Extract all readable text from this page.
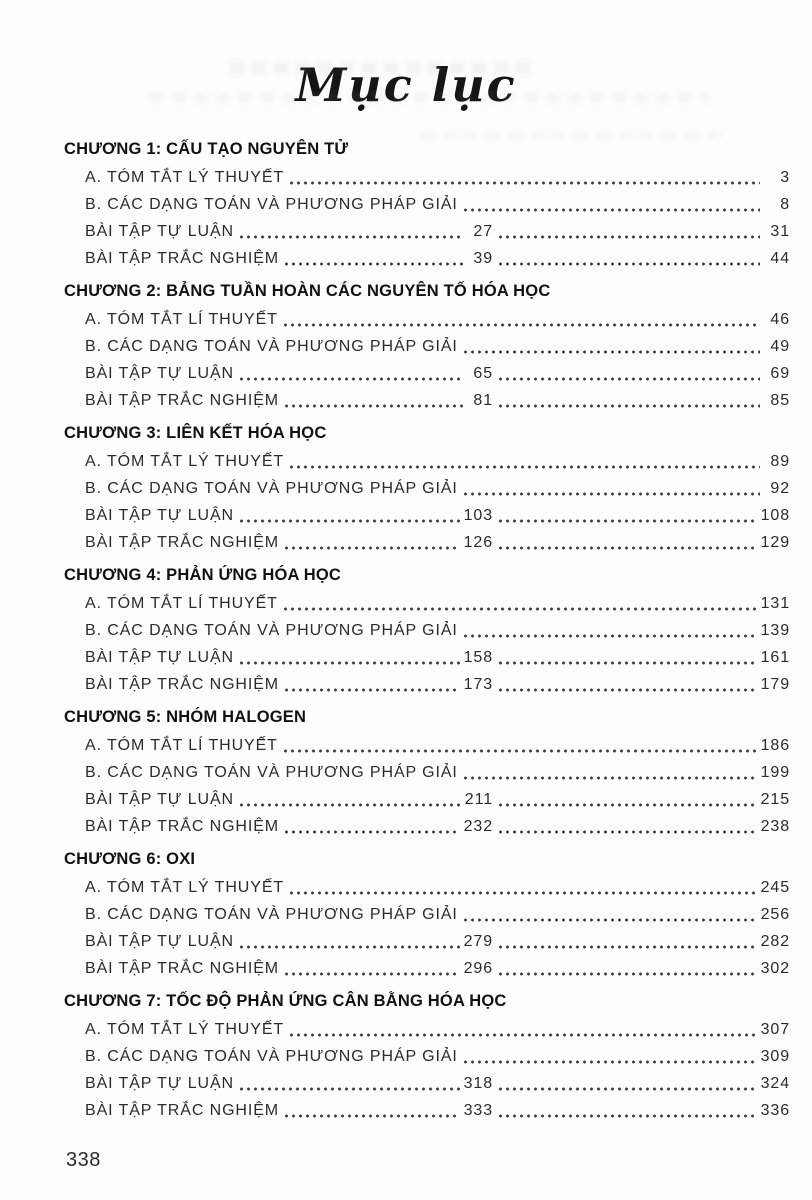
Mục lục
CHƯƠNG 1: CẤU TẠO NGUYÊN TỬ
A. TÓM TẮT LÝ THUYẾT	3
B. CÁC DẠNG TOÁN VÀ PHƯƠNG PHÁP GIẢI	8
BÀI TẬP TỰ LUẬN	27	31
BÀI TẬP TRẮC NGHIỆM	39	44
CHƯƠNG 2: BẢNG TUẦN HOÀN CÁC NGUYÊN TỐ HÓA HỌC
A. TÓM TẮT LÍ THUYẾT	46
B. CÁC DẠNG TOÁN VÀ PHƯƠNG PHÁP GIẢI	49
BÀI TẬP TỰ LUẬN	65	69
BÀI TẬP TRẮC NGHIỆM	81	85
CHƯƠNG 3: LIÊN KẾT HÓA HỌC
A. TÓM TẮT LÝ THUYẾT	89
B. CÁC DẠNG TOÁN VÀ PHƯƠNG PHÁP GIẢI	92
BÀI TẬP TỰ LUẬN	103	108
BÀI TẬP TRẮC NGHIỆM	126	129
CHƯƠNG 4: PHẢN ỨNG HÓA HỌC
A. TÓM TẮT LÍ THUYẾT	131
B. CÁC DẠNG TOÁN VÀ PHƯƠNG PHÁP GIẢI	139
BÀI TẬP TỰ LUẬN	158	161
BÀI TẬP TRẮC NGHIỆM	173	179
CHƯƠNG 5: NHÓM HALOGEN
A. TÓM TẮT LÍ THUYẾT	186
B. CÁC DẠNG TOÁN VÀ PHƯƠNG PHÁP GIẢI	199
BÀI TẬP TỰ LUẬN	211	215
BÀI TẬP TRẮC NGHIỆM	232	238
CHƯƠNG 6: OXI
A. TÓM TẮT LÝ THUYẾT	245
B. CÁC DẠNG TOÁN VÀ PHƯƠNG PHÁP GIẢI	256
BÀI TẬP TỰ LUẬN	279	282
BÀI TẬP TRẮC NGHIỆM	296	302
CHƯƠNG 7: TỐC ĐỘ PHẢN ỨNG CÂN BẰNG HÓA HỌC
A. TÓM TẮT LÝ THUYẾT	307
B. CÁC DẠNG TOÁN VÀ PHƯƠNG PHÁP GIẢI	309
BÀI TẬP TỰ LUẬN	318	324
BÀI TẬP TRẮC NGHIỆM	333	336
338
